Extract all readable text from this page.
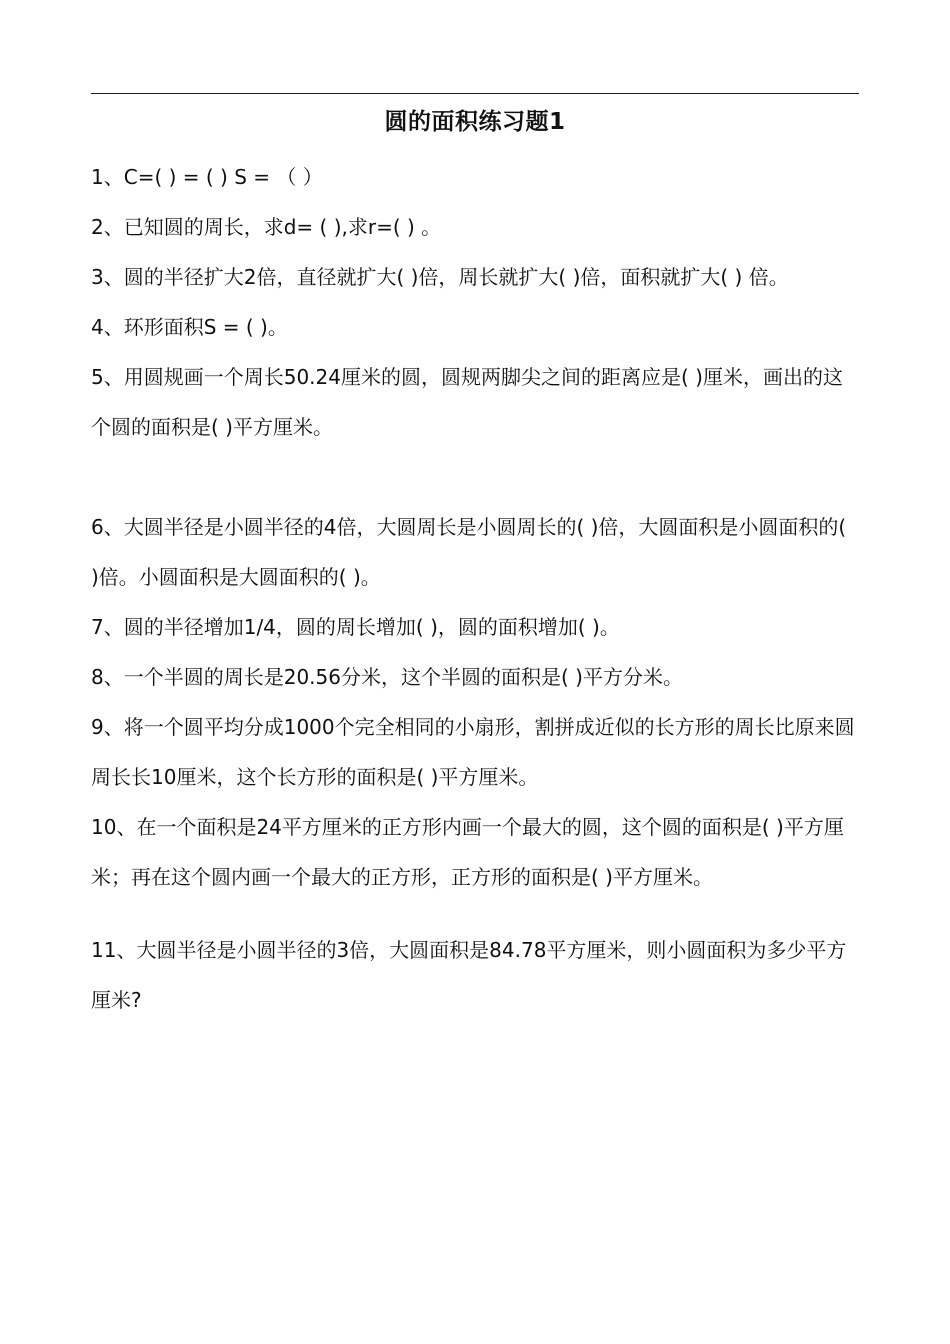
圆的面积练习题1

1、C=( ) = ( ) S = （ ）

2、已知圆的周长，求d= ( ),求r=( ) 。

3、圆的半径扩大2倍，直径就扩大( )倍，周长就扩大( )倍，面积就扩大( ) 倍。

4、环形面积S = ( )。

5、用圆规画一个周长50.24厘米的圆，圆规两脚尖之间的距离应是( )厘米，画出的这个圆的面积是( )平方厘米。

6、大圆半径是小圆半径的4倍，大圆周长是小圆周长的( )倍，大圆面积是小圆面积的( )倍。小圆面积是大圆面积的( )。

7、圆的半径增加1/4，圆的周长增加( )，圆的面积增加( )。

8、一个半圆的周长是20.56分米，这个半圆的面积是( )平方分米。

9、将一个圆平均分成1000个完全相同的小扇形，割拼成近似的长方形的周长比原来圆周长长10厘米，这个长方形的面积是( )平方厘米。

10、在一个面积是24平方厘米的正方形内画一个最大的圆，这个圆的面积是( )平方厘米；再在这个圆内画一个最大的正方形，正方形的面积是( )平方厘米。

11、大圆半径是小圆半径的3倍，大圆面积是84.78平方厘米，则小圆面积为多少平方厘米?
